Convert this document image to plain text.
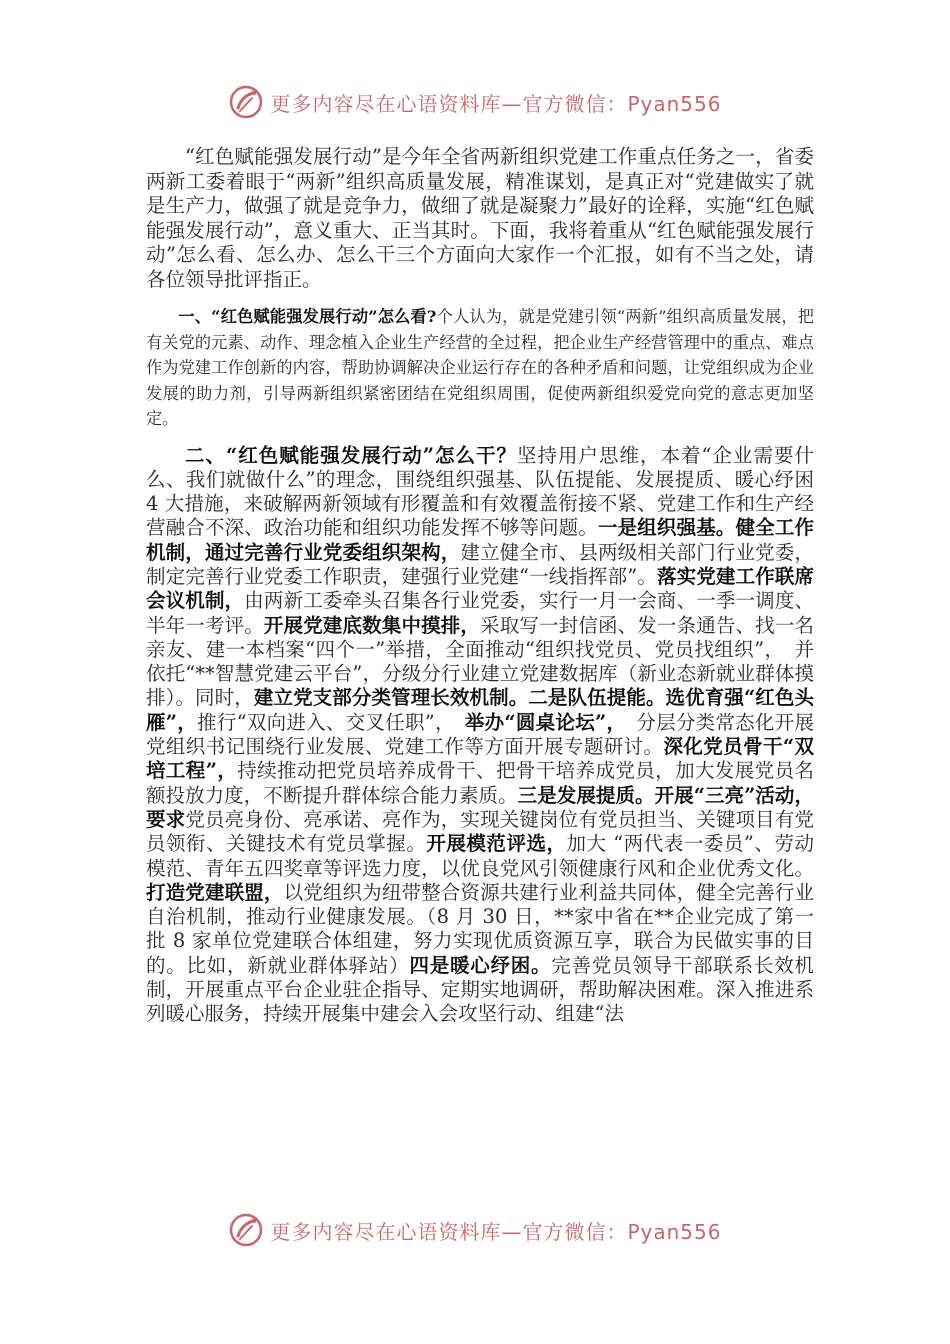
更多内容尽在心语资料库—官方微信：Pyan556

“红色赋能强发展行动”是今年全省两新组织党建工作重点任务之一，省委两新工委着眼于“两新”组织高质量发展，精准谋划，是真正对“党建做实了就是生产力，做强了就是竞争力，做细了就是凝聚力”最好的诠释，实施“红色赋能强发展行动”，意义重大、正当其时。下面，我将着重从“红色赋能强发展行动”怎么看、怎么办、怎么干三个方面向大家作一个汇报，如有不当之处，请各位领导批评指正。

一、“红色赋能强发展行动”怎么看?个人认为，就是党建引领“两新”组织高质量发展，把有关党的元素、动作、理念植入企业生产经营的全过程，把企业生产经营管理中的重点、难点作为党建工作创新的内容，帮助协调解决企业运行存在的各种矛盾和问题，让党组织成为企业发展的助力剂，引导两新组织紧密团结在党组织周围，促使两新组织爱党向党的意志更加坚定。

二、“红色赋能强发展行动”怎么干？坚持用户思维，本着“企业需要什么、我们就做什么”的理念，围绕组织强基、队伍提能、发展提质、暖心纾困 4 大措施，来破解两新领域有形覆盖和有效覆盖衔接不紧、党建工作和生产经营融合不深、政治功能和组织功能发挥不够等问题。一是组织强基。健全工作机制，通过完善行业党委组织架构，建立健全市、县两级相关部门行业党委，制定完善行业党委工作职责，建强行业党建“一线指挥部”。落实党建工作联席会议机制，由两新工委牵头召集各行业党委，实行一月一会商、一季一调度、半年一考评。开展党建底数集中摸排，采取写一封信函、发一条通告、找一名亲友、建一本档案“四个一”举措，全面推动“组织找党员、党员找组织”，　并依托“**智慧党建云平台”，分级分行业建立党建数据库（新业态新就业群体摸排）。同时，建立党支部分类管理长效机制。二是队伍提能。选优育强“红色头雁”，推行“双向进入、交叉任职”，　举办“圆桌论坛”，　分层分类常态化开展党组织书记围绕行业发展、党建工作等方面开展专题研讨。深化党员骨干“双培工程”，持续推动把党员培养成骨干、把骨干培养成党员，加大发展党员名额投放力度，不断提升群体综合能力素质。三是发展提质。开展“三亮”活动，要求党员亮身份、亮承诺、亮作为，实现关键岗位有党员担当、关键项目有党员领衔、关键技术有党员掌握。开展模范评选，加大 “两代表一委员”、劳动模范、青年五四奖章等评选力度，以优良党风引领健康行风和企业优秀文化。打造党建联盟，以党组织为纽带整合资源共建行业利益共同体，健全完善行业自治机制，推动行业健康发展。（8 月 30 日，**家中省在**企业完成了第一批 8 家单位党建联合体组建，努力实现优质资源互享，联合为民做实事的目的。比如，新就业群体驿站）四是暖心纾困。完善党员领导干部联系长效机制，开展重点平台企业驻企指导、定期实地调研，帮助解决困难。深入推进系列暖心服务，持续开展集中建会入会攻坚行动、组建“法

更多内容尽在心语资料库—官方微信：Pyan556
